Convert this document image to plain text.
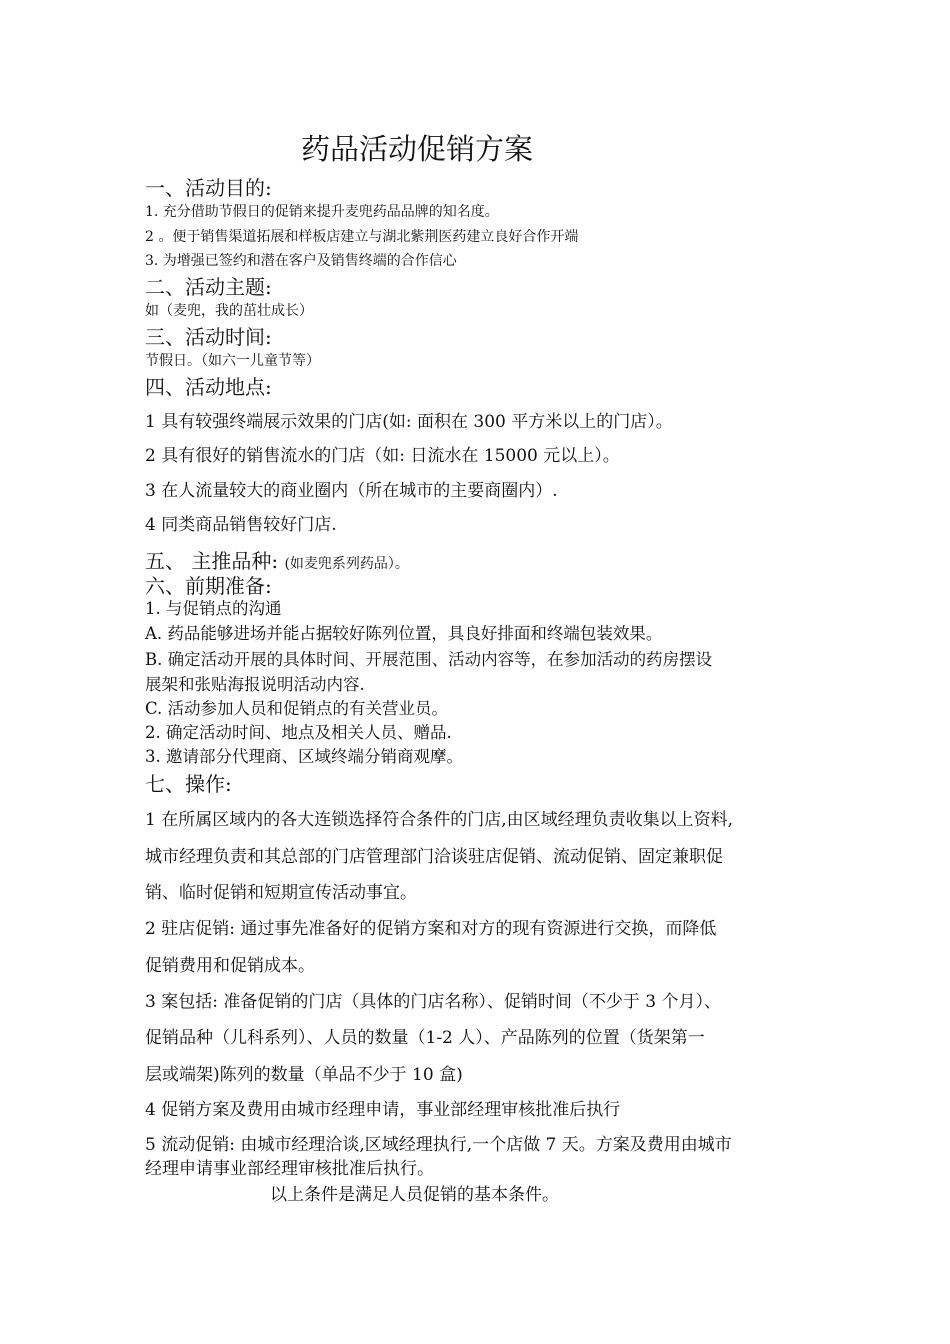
药品活动促销方案
一、活动目的:
1. 充分借助节假日的促销来提升麦兜药品品牌的知名度。
2 。便于销售渠道拓展和样板店建立与湖北紫荆医药建立良好合作开端
3. 为增强已签约和潜在客户及销售终端的合作信心
二、活动主题:
如（麦兜，我的茁壮成长）
三、活动时间:
节假日。（如六一儿童节等）
四、活动地点:
1 具有较强终端展示效果的门店(如: 面积在 300 平方米以上的门店）。
2 具有很好的销售流水的门店（如: 日流水在 15000 元以上）。
3 在人流量较大的商业圈内（所在城市的主要商圈内）.
4 同类商品销售较好门店.
五、 主推品种: (如麦兜系列药品）。
六、前期准备:
1. 与促销点的沟通
A. 药品能够进场并能占据较好陈列位置，具良好排面和终端包装效果。
B. 确定活动开展的具体时间、开展范围、活动内容等，在参加活动的药房摆设
展架和张贴海报说明活动内容.
C. 活动参加人员和促销点的有关营业员。
2. 确定活动时间、地点及相关人员、赠品.
3. 邀请部分代理商、区域终端分销商观摩。
七、操作:
1 在所属区域内的各大连锁选择符合条件的门店,由区域经理负责收集以上资料,
城市经理负责和其总部的门店管理部门洽谈驻店促销、流动促销、固定兼职促
销、临时促销和短期宣传活动事宜。
2 驻店促销: 通过事先准备好的促销方案和对方的现有资源进行交换，而降低
促销费用和促销成本。
3 案包括: 准备促销的门店（具体的门店名称）、促销时间（不少于 3 个月）、
促销品种（儿科系列）、人员的数量（1-2 人）、产品陈列的位置（货架第一
层或端架)陈列的数量（单品不少于 10 盒)
4 促销方案及费用由城市经理申请，事业部经理审核批准后执行
5 流动促销: 由城市经理洽谈,区域经理执行,一个店做 7 天。方案及费用由城市
经理申请事业部经理审核批准后执行。
以上条件是满足人员促销的基本条件。
